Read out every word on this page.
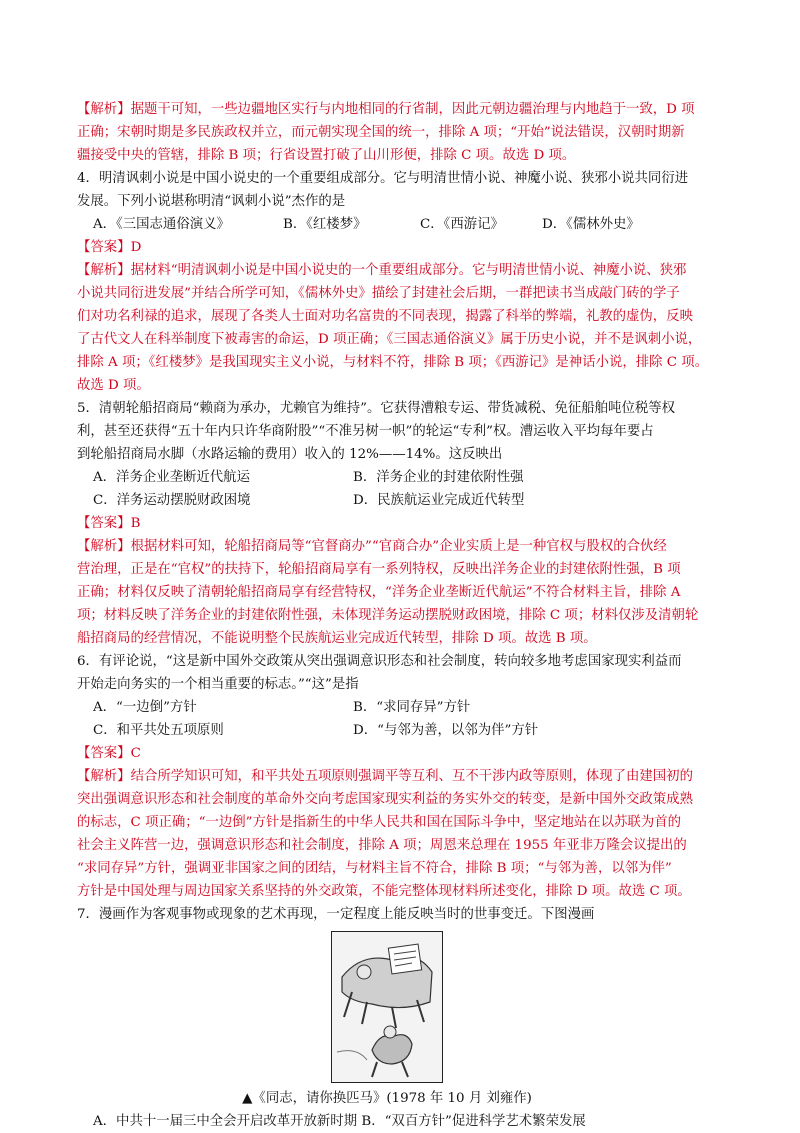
【解析】据题干可知，一些边疆地区实行与内地相同的行省制，因此元朝边疆治理与内地趋于一致，D 项

正确；宋朝时期是多民族政权并立，而元朝实现全国的统一，排除 A 项；“开始”说法错误，汉朝时期新

疆接受中央的管辖，排除 B 项；行省设置打破了山川形便，排除 C 项。故选 D 项。

4．明清讽刺小说是中国小说史的一个重要组成部分。它与明清世情小说、神魔小说、狭邪小说共同衍进

发展。下列小说堪称明清“讽刺小说”杰作的是

A．《三国志通俗演义》	B．《红楼梦》	C．《西游记》	D．《儒林外史》

【答案】D

【解析】据材料“明清讽刺小说是中国小说史的一个重要组成部分。它与明清世情小说、神魔小说、狭邪

小说共同衍进发展”并结合所学可知，《儒林外史》描绘了封建社会后期，一群把读书当成敲门砖的学子

们对功名利禄的追求，展现了各类人士面对功名富贵的不同表现，揭露了科举的弊端，礼教的虚伪，反映

了古代文人在科举制度下被毒害的命运，D 项正确；《三国志通俗演义》属于历史小说，并不是讽刺小说，

排除 A 项；《红楼梦》是我国现实主义小说，与材料不符，排除 B 项；《西游记》是神话小说，排除 C 项。

故选 D 项。

5．清朝轮船招商局“赖商为承办，尤赖官为维持”。它获得漕粮专运、带货减税、免征船舶吨位税等权

利，甚至还获得“五十年内只许华商附股”“不准另树一帜”的轮运“专利”权。漕运收入平均每年要占

到轮船招商局水脚（水路运输的费用）收入的 12%——14%。这反映出

A．洋务企业垄断近代航运	B．洋务企业的封建依附性强
C．洋务运动摆脱财政困境	D．民族航运业完成近代转型

【答案】B

【解析】根据材料可知，轮船招商局等“官督商办”“官商合办”企业实质上是一种官权与股权的合伙经

营治理，正是在“官权”的扶持下，轮船招商局享有一系列特权，反映出洋务企业的封建依附性强，B 项

正确；材料仅反映了清朝轮船招商局享有经营特权，“洋务企业垄断近代航运”不符合材料主旨，排除 A

项；材料反映了洋务企业的封建依附性强，未体现洋务运动摆脱财政困境，排除 C 项；材料仅涉及清朝轮

船招商局的经营情况，不能说明整个民族航运业完成近代转型，排除 D 项。故选 B 项。

6．有评论说，“这是新中国外交政策从突出强调意识形态和社会制度，转向较多地考虑国家现实利益而

开始走向务实的一个相当重要的标志。”“这”是指

A．“一边倒”方针	B．“求同存异”方针
C．和平共处五项原则	D．“与邻为善，以邻为伴”方针

【答案】C

【解析】结合所学知识可知，和平共处五项原则强调平等互利、互不干涉内政等原则，体现了由建国初的

突出强调意识形态和社会制度的革命外交向考虑国家现实利益的务实外交的转变，是新中国外交政策成熟

的标志，C 项正确；“一边倒”方针是指新生的中华人民共和国在国际斗争中，坚定地站在以苏联为首的

社会主义阵营一边，强调意识形态和社会制度，排除 A 项；周恩来总理在 1955 年亚非万隆会议提出的

“求同存异”方针，强调亚非国家之间的团结，与材料主旨不符合，排除 B 项；“与邻为善，以邻为伴”

方针是中国处理与周边国家关系坚持的外交政策，不能完整体现材料所述变化，排除 D 项。故选 C 项。

7．漫画作为客观事物或现象的艺术再现，一定程度上能反映当时的世事变迁。下图漫画

▲《同志，请你换匹马》(1978 年 10 月 刘雍作)

A．中共十一届三中全会开启改革开放新时期 B．“双百方针”促进科学艺术繁荣发展
